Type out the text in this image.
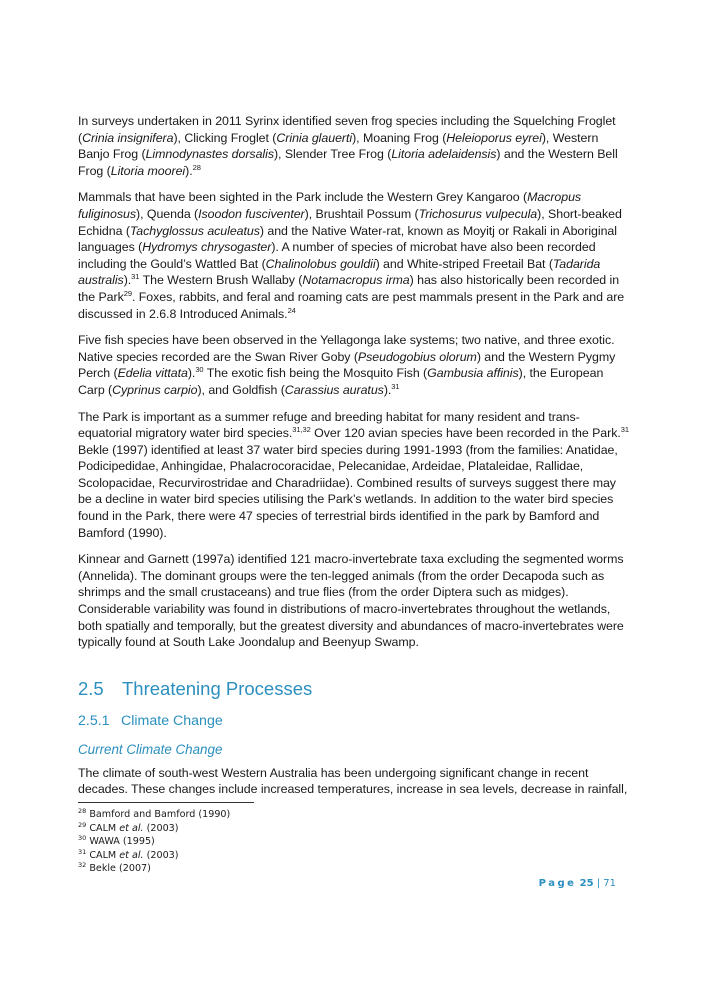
In surveys undertaken in 2011 Syrinx identified seven frog species including the Squelching Froglet (Crinia insignifera), Clicking Froglet (Crinia glauerti), Moaning Frog (Heleioporus eyrei), Western Banjo Frog (Limnodynastes dorsalis), Slender Tree Frog (Litoria adelaidensis) and the Western Bell Frog (Litoria moorei).$^{28}$

Mammals that have been sighted in the Park include the Western Grey Kangaroo (Macropus fuliginosus), Quenda (Isoodon fusciventer), Brushtail Possum (Trichosurus vulpecula), Short-beaked Echidna (Tachyglossus aculeatus) and the Native Water-rat, known as Moyitj or Rakali in Aboriginal languages (Hydromys chrysogaster). A number of species of microbat have also been recorded including the Gould’s Wattled Bat (Chalinolobus gouldii) and White-striped Freetail Bat (Tadarida australis).$^{31}$ The Western Brush Wallaby (Notamacropus irma) has also historically been recorded in the Park$^{29}$. Foxes, rabbits, and feral and roaming cats are pest mammals present in the Park and are discussed in 2.6.8 Introduced Animals.$^{24}$

Five fish species have been observed in the Yellagonga lake systems; two native, and three exotic. Native species recorded are the Swan River Goby (Pseudogobius olorum) and the Western Pygmy Perch (Edelia vittata).$^{30}$ The exotic fish being the Mosquito Fish (Gambusia affinis), the European Carp (Cyprinus carpio), and Goldfish (Carassius auratus).$^{31}$

The Park is important as a summer refuge and breeding habitat for many resident and trans-equatorial migratory water bird species.$^{31,32}$ Over 120 avian species have been recorded in the Park.$^{31}$ Bekle (1997) identified at least 37 water bird species during 1991-1993 (from the families: Anatidae, Podicipedidae, Anhingidae, Phalacrocoracidae, Pelecanidae, Ardeidae, Plataleidae, Rallidae, Scolopacidae, Recurvirostridae and Charadriidae). Combined results of surveys suggest there may be a decline in water bird species utilising the Park’s wetlands. In addition to the water bird species found in the Park, there were 47 species of terrestrial birds identified in the park by Bamford and Bamford (1990).

Kinnear and Garnett (1997a) identified 121 macro-invertebrate taxa excluding the segmented worms (Annelida). The dominant groups were the ten-legged animals (from the order Decapoda such as shrimps and the small crustaceans) and true flies (from the order Diptera such as midges). Considerable variability was found in distributions of macro-invertebrates throughout the wetlands, both spatially and temporally, but the greatest diversity and abundances of macro-invertebrates were typically found at South Lake Joondalup and Beenyup Swamp.

2.5 Threatening Processes
2.5.1 Climate Change
Current Climate Change

The climate of south-west Western Australia has been undergoing significant change in recent decades. These changes include increased temperatures, increase in sea levels, decrease in rainfall,

$^{28}$ Bamford and Bamford (1990)
$^{29}$ CALM et al. (2003)
$^{30}$ WAWA (1995)
$^{31}$ CALM et al. (2003)
$^{32}$ Bekle (2007)
Page 25 | 71
